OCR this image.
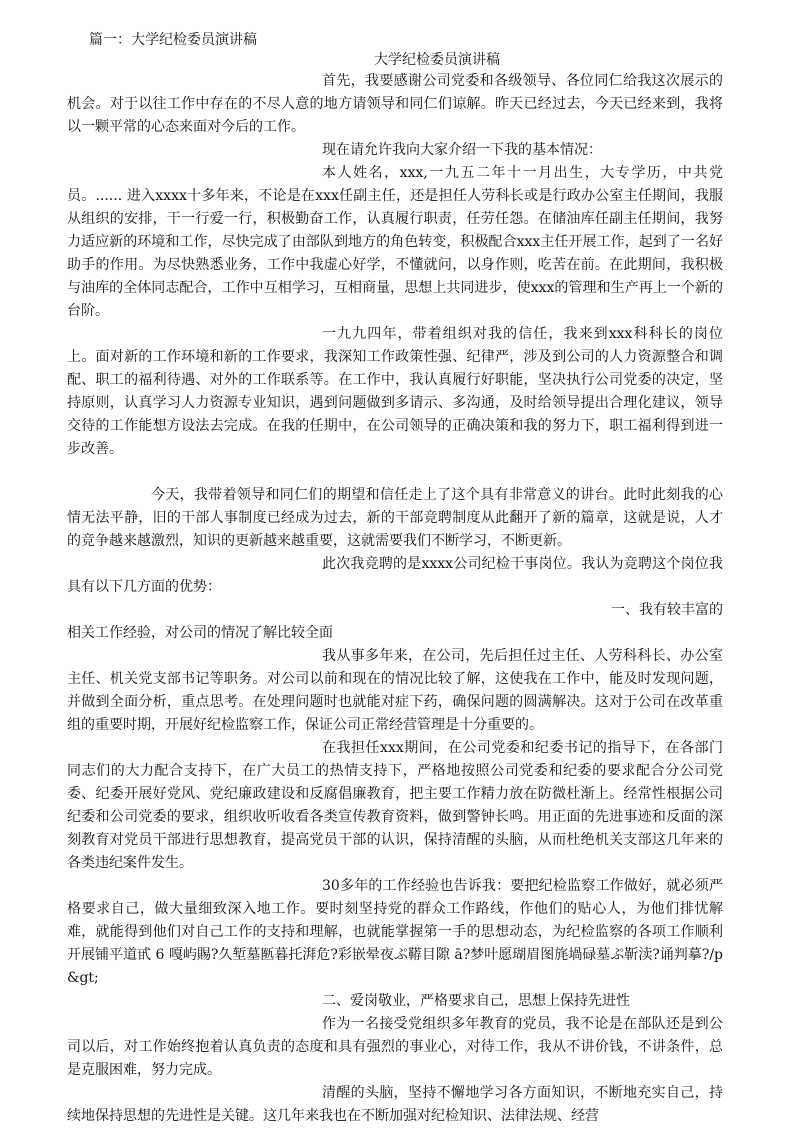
篇一：大学纪检委员演讲稿
大学纪检委员演讲稿

首先，我要感谢公司党委和各级领导、各位同仁给我这次展示的机会。对于以往工作中存在的不尽人意的地方请领导和同仁们谅解。昨天已经过去，今天已经来到，我将以一颗平常的心态来面对今后的工作。

现在请允许我向大家介绍一下我的基本情况：

本人姓名，xxx,一九五二年十一月出生，大专学历，中共党员。...... 进入xxxx十多年来，不论是在xxx任副主任，还是担任人劳科长或是行政办公室主任期间，我服从组织的安排，干一行爱一行，积极勤奋工作，认真履行职责，任劳任怨。在储油库任副主任期间，我努力适应新的环境和工作，尽快完成了由部队到地方的角色转变，积极配合xxx主任开展工作，起到了一名好助手的作用。为尽快熟悉业务，工作中我虚心好学，不懂就问，以身作则，吃苦在前。在此期间，我积极与油库的全体同志配合，工作中互相学习，互相商量，思想上共同进步，使xxx的管理和生产再上一个新的台阶。

一九九四年，带着组织对我的信任，我来到xxx科科长的岗位上。面对新的工作环境和新的工作要求，我深知工作政策性强、纪律严，涉及到公司的人力资源整合和调配、职工的福利待遇、对外的工作联系等。在工作中，我认真履行好职能，坚决执行公司党委的决定，坚持原则，认真学习人力资源专业知识，遇到问题做到多请示、多沟通，及时给领导提出合理化建议，领导交待的工作能想方设法去完成。在我的任期中，在公司领导的正确决策和我的努力下，职工福利得到进一步改善。

今天，我带着领导和同仁们的期望和信任走上了这个具有非常意义的讲台。此时此刻我的心情无法平静，旧的干部人事制度已经成为过去，新的干部竞聘制度从此翻开了新的篇章，这就是说，人才的竞争越来越激烈，知识的更新越来越重要，这就需要我们不断学习，不断更新。

此次我竞聘的是xxxx公司纪检干事岗位。我认为竞聘这个岗位我具有以下几方面的优势：

一、我有较丰富的

相关工作经验，对公司的情况了解比较全面

我从事多年来，在公司，先后担任过主任、人劳科科长、办公室主任、机关党支部书记等职务。对公司以前和现在的情况比较了解，这使我在工作中，能及时发现问题，并做到全面分析，重点思考。在处理问题时也就能对症下药，确保问题的圆满解决。这对于公司在改革重组的重要时期，开展好纪检监察工作，保证公司正常经营管理是十分重要的。

在我担任xxx期间，在公司党委和纪委书记的指导下，在各部门同志们的大力配合支持下，在广大员工的热情支持下，严格地按照公司党委和纪委的要求配合分公司党委、纪委开展好党风、党纪廉政建设和反腐倡廉教育，把主要工作精力放在防微杜渐上。经常性根据公司纪委和公司党委的要求，组织收听收看各类宣传教育资料，做到警钟长鸣。用正面的先进事迹和反面的深刻教育对党员干部进行思想教育，提高党员干部的认识，保持清醒的头脑，从而杜绝机关支部这几年来的各类违纪案件发生。

30多年的工作经验也告诉我：要把纪检监察工作做好，就必须严格要求自己，做大量细致深入地工作。要时刻坚持党的群众工作路线，作他们的贴心人，为他们排忧解难，就能得到他们对自己工作的支持和理解，也就能掌握第一手的思想动态，为纪检监察的各项工作顺利开展铺平道甙 6 嘎屿賜?久堑墓匦暮托湃危?彩嵌晕夜ぷ鞯目隙 ā?梦叶愿瑚眉图旄堝碌墓ぷ靳渎?诵判摹?/p&gt;

二、爱岗敬业，严格要求自己，思想上保持先进性

作为一名接受党组织多年教育的党员，我不论是在部队还是到公司以后，对工作始终抱着认真负责的态度和具有强烈的事业心，对待工作，我从不讲价钱，不讲条件，总是克服困难，努力完成。

清醒的头脑，坚持不懈地学习各方面知识，不断地充实自己，持续地保持思想的先进性是关键。这几年来我也在不断加强对纪检知识、法律法规、经营
